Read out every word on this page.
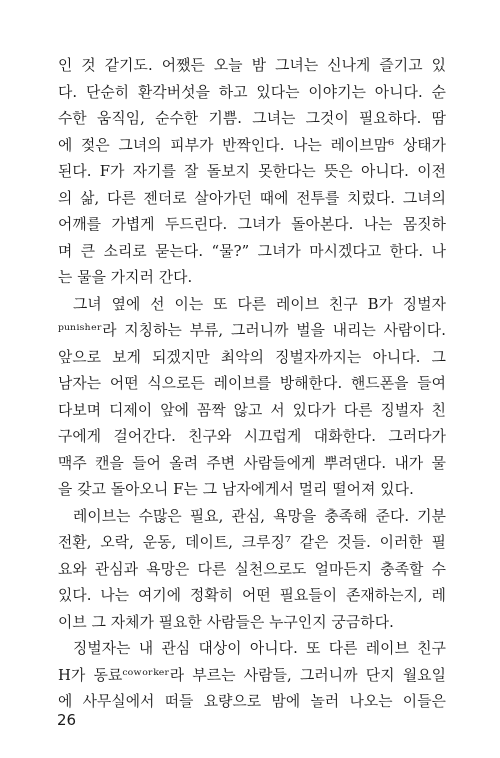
인 것 같기도. 어쨌든 오늘 밤 그녀는 신나게 즐기고 있
다. 단순히 환각버섯을 하고 있다는 이야기는 아니다. 순
수한 움직임, 순수한 기쁨. 그녀는 그것이 필요하다. 땀
에 젖은 그녀의 피부가 반짝인다. 나는 레이브맘⁶ 상태가
된다. F가 자기를 잘 돌보지 못한다는 뜻은 아니다. 이전
의 삶, 다른 젠더로 살아가던 때에 전투를 치렀다. 그녀의
어깨를 가볍게 두드린다. 그녀가 돌아본다. 나는 몸짓하
며 큰 소리로 묻는다. “물?” 그녀가 마시겠다고 한다. 나
는 물을 가지러 간다.
그녀 옆에 선 이는 또 다른 레이브 친구 B가 징벌자
ᵖᵘⁿⁱˢʰᵉʳ라 지칭하는 부류, 그러니까 벌을 내리는 사람이다.
앞으로 보게 되겠지만 최악의 징벌자까지는 아니다. 그
남자는 어떤 식으로든 레이브를 방해한다. 핸드폰을 들여
다보며 디제이 앞에 꼼짝 않고 서 있다가 다른 징벌자 친
구에게 걸어간다. 친구와 시끄럽게 대화한다. 그러다가
맥주 캔을 들어 올려 주변 사람들에게 뿌려댄다. 내가 물
을 갖고 돌아오니 F는 그 남자에게서 멀리 떨어져 있다.
레이브는 수많은 필요, 관심, 욕망을 충족해 준다. 기분
전환, 오락, 운동, 데이트, 크루징⁷ 같은 것들. 이러한 필
요와 관심과 욕망은 다른 실천으로도 얼마든지 충족할 수
있다. 나는 여기에 정확히 어떤 필요들이 존재하는지, 레
이브 그 자체가 필요한 사람들은 누구인지 궁금하다.
징벌자는 내 관심 대상이 아니다. 또 다른 레이브 친구
H가 동료ᶜᵒʷᵒʳᵏᵉʳ라 부르는 사람들, 그러니까 단지 월요일
에 사무실에서 떠들 요량으로 밤에 놀러 나오는 이들은
26
